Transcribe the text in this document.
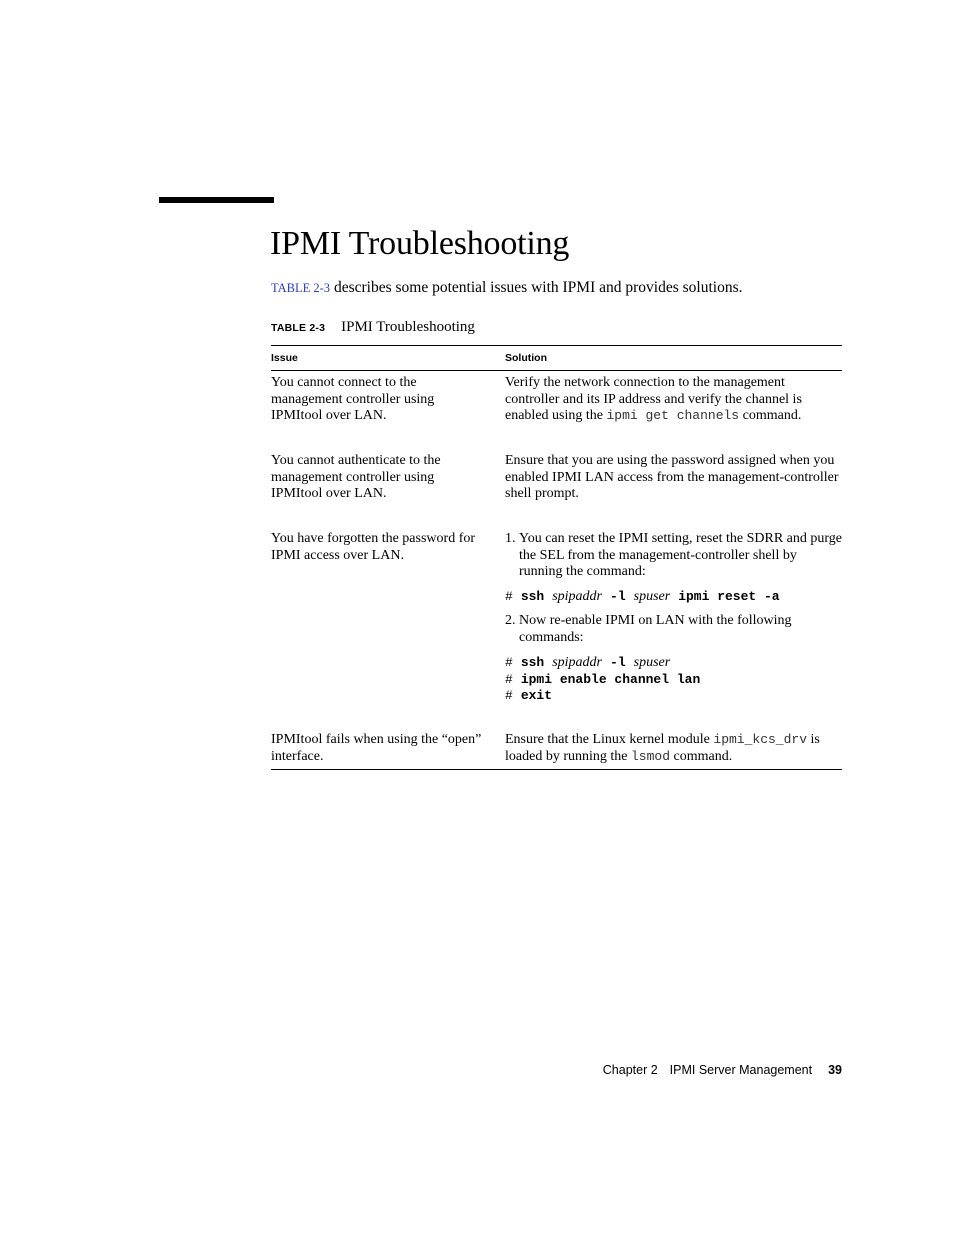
IPMI Troubleshooting
TABLE 2-3 describes some potential issues with IPMI and provides solutions.
TABLE 2-3 IPMI Troubleshooting
Issue	Solution
You cannot connect to the management controller using IPMItool over LAN.
Verify the network connection to the management controller and its IP address and verify the channel is enabled using the ipmi get channels command.
You cannot authenticate to the management controller using IPMItool over LAN.
Ensure that you are using the password assigned when you enabled IPMI LAN access from the management-controller shell prompt.
You have forgotten the password for IPMI access over LAN.
1. You can reset the IPMI setting, reset the SDRR and purge the SEL from the management-controller shell by running the command:
# ssh spipaddr -l spuser ipmi reset -a
2. Now re-enable IPMI on LAN with the following commands:
# ssh spipaddr -l spuser
# ipmi enable channel lan
# exit
IPMItool fails when using the “open” interface.
Ensure that the Linux kernel module ipmi_kcs_drv is loaded by running the lsmod command.
Chapter 2 IPMI Server Management 39
